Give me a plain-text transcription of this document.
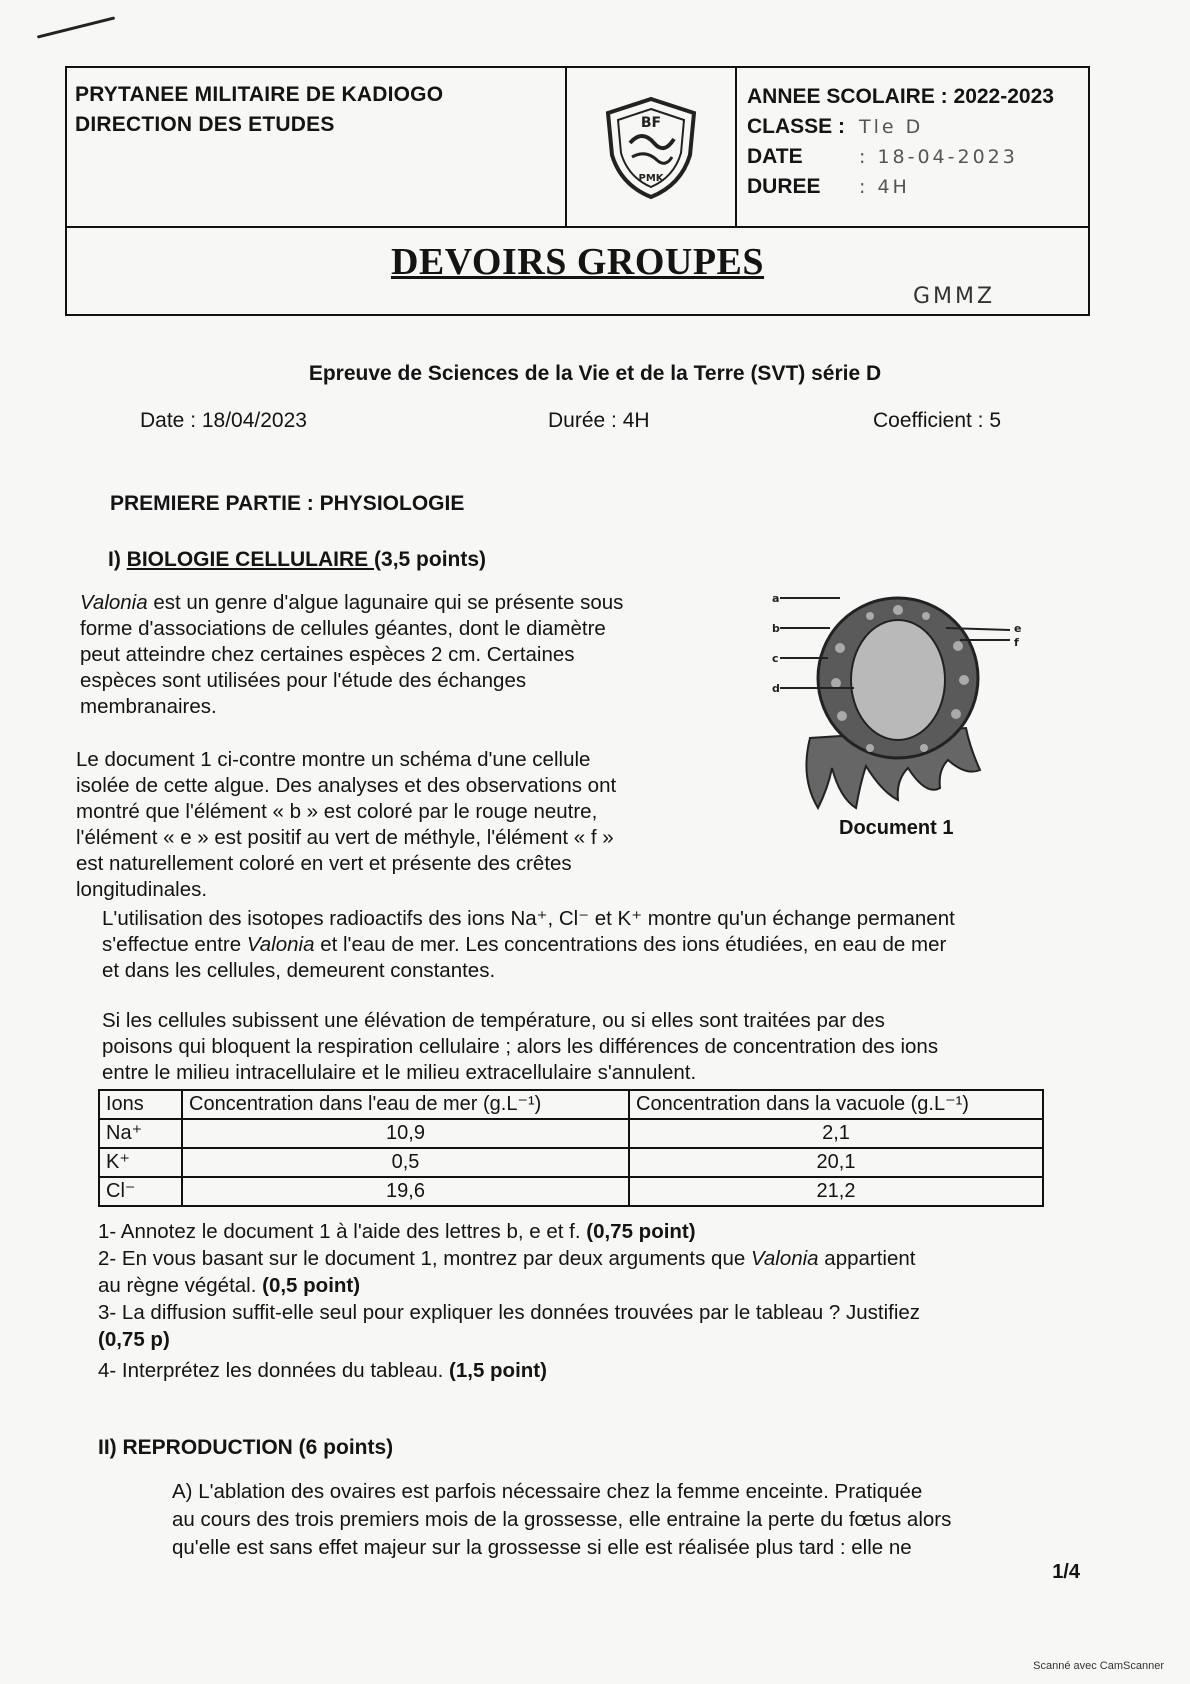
PRYTANEE MILITAIRE DE KADIOGO
DIRECTION DES ETUDES	BF
PMK
ANNEE SCOLAIRE : 2022-2023
CLASSE : Tle D
DATE	: 18-04-2023
DUREE	: 4H
DEVOIRS GROUPES
GMMZ
Epreuve de Sciences de la Vie et de la Terre (SVT) série D
Date : 18/04/2023	Durée : 4H	Coefficient : 5
PREMIERE PARTIE : PHYSIOLOGIE
I) BIOLOGIE CELLULAIRE (3,5 points)
Valonia est un genre d'algue lagunaire qui se présente sous
forme d'associations de cellules géantes, dont le diamètre
peut atteindre chez certaines espèces 2 cm. Certaines
espèces sont utilisées pour l'étude des échanges
membranaires.
Le document 1 ci-contre montre un schéma d'une cellule
isolée de cette algue. Des analyses et des observations ont
montré que l'élément « b » est coloré par le rouge neutre,
l'élément « e » est positif au vert de méthyle, l'élément « f »
est naturellement coloré en vert et présente des crêtes
longitudinales.
a
b
c
d
e
f
Document 1
L'utilisation des isotopes radioactifs des ions Na⁺, Cl⁻ et K⁺ montre qu'un échange permanent
s'effectue entre Valonia et l'eau de mer. Les concentrations des ions étudiées, en eau de mer
et dans les cellules, demeurent constantes.
Si les cellules subissent une élévation de température, ou si elles sont traitées par des
poisons qui bloquent la respiration cellulaire ; alors les différences de concentration des ions
entre le milieu intracellulaire et le milieu extracellulaire s'annulent.
Ions	Concentration dans l'eau de mer (g.L⁻¹)	Concentration dans la vacuole (g.L⁻¹)
Na⁺	10,9	2,1
K⁺	0,5	20,1
Cl⁻	19,6	21,2
1- Annotez le document 1 à l'aide des lettres b, e et f. (0,75 point)
2- En vous basant sur le document 1, montrez par deux arguments que Valonia appartient
au règne végétal. (0,5 point)
3- La diffusion suffit-elle seul pour expliquer les données trouvées par le tableau ? Justifiez
(0,75 p)
4- Interprétez les données du tableau. (1,5 point)
II) REPRODUCTION (6 points)
A) L'ablation des ovaires est parfois nécessaire chez la femme enceinte. Pratiquée
au cours des trois premiers mois de la grossesse, elle entraine la perte du fœtus alors
qu'elle est sans effet majeur sur la grossesse si elle est réalisée plus tard : elle ne
1/4
Scanné avec CamScanner
